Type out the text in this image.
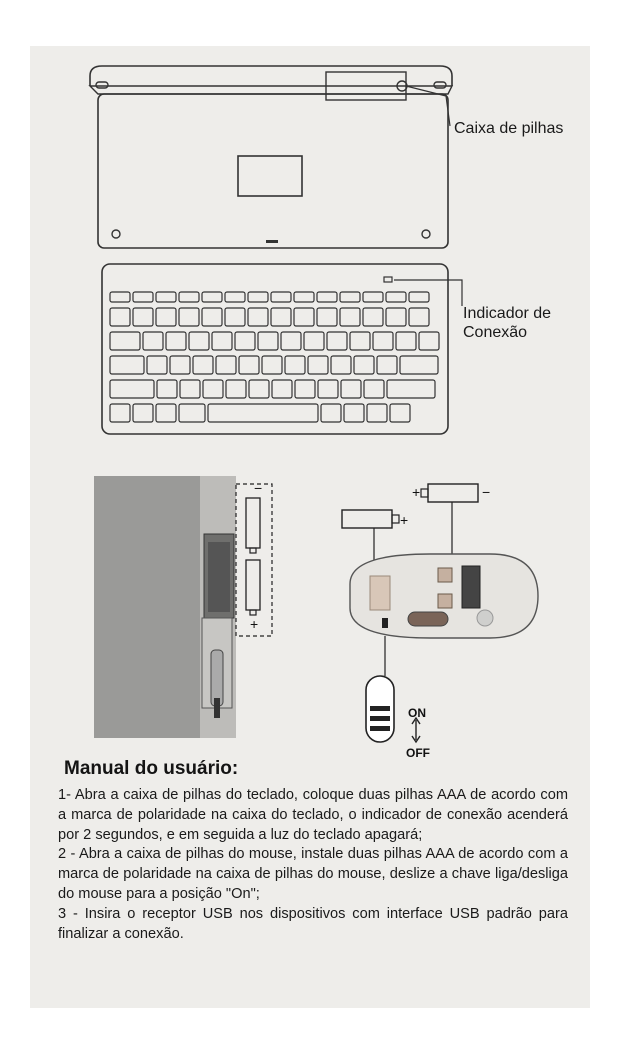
Caixa de pilhas
Indicador de
Conexão
−
+
+	−
+
ON
OFF
Manual do usuário:

1- Abra a caixa de pilhas do teclado, coloque duas pilhas AAA de acordo com a marca de polaridade na caixa do teclado, o indicador de conexão acenderá por 2 segundos, e em seguida a luz do teclado apagará;

2 - Abra a caixa de pilhas do mouse, instale duas pilhas AAA de acordo com a marca de polaridade na caixa de pilhas do mouse, deslize a chave liga/desliga do mouse para a posição "On";

3 - Insira o receptor USB nos dispositivos com interface USB padrão para finalizar a conexão.
